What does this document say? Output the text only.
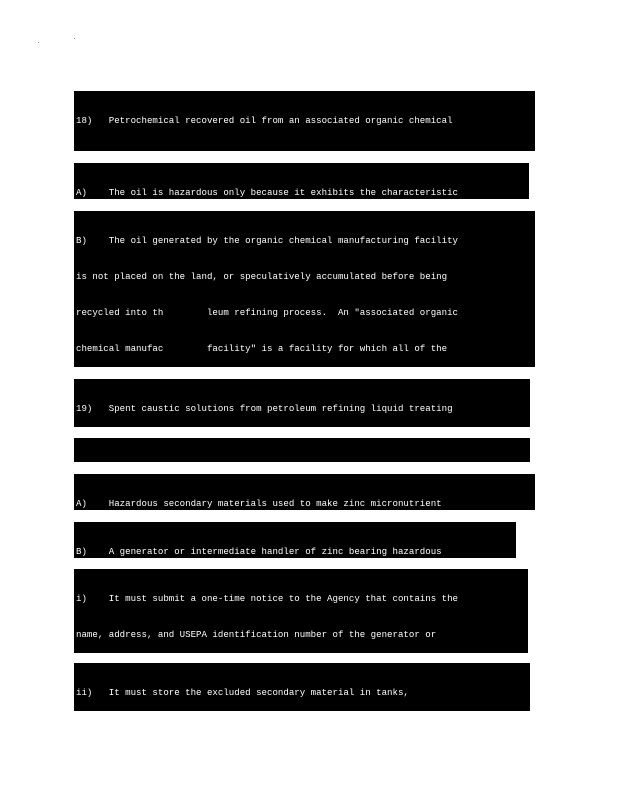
18)   Petrochemical recovered oil from an associated organic chemical

A)    The oil is hazardous only because it exhibits the characteristic

B)    The oil generated by the organic chemical manufacturing facility

is not placed on the land, or speculatively accumulated before being

recycled into th        leum refining process.  An "associated organic

chemical manufac        facility" is a facility for which all of the

19)   Spent caustic solutions from petroleum refining liquid treating

A)    Hazardous secondary materials used to make zinc micronutrient

B)    A generator or intermediate handler of zinc bearing hazardous

i)    It must submit a one-time notice to the Agency that contains the

name, address, and USEPA identification number of the generator or

ii)   It must store the excluded secondary material in tanks,
